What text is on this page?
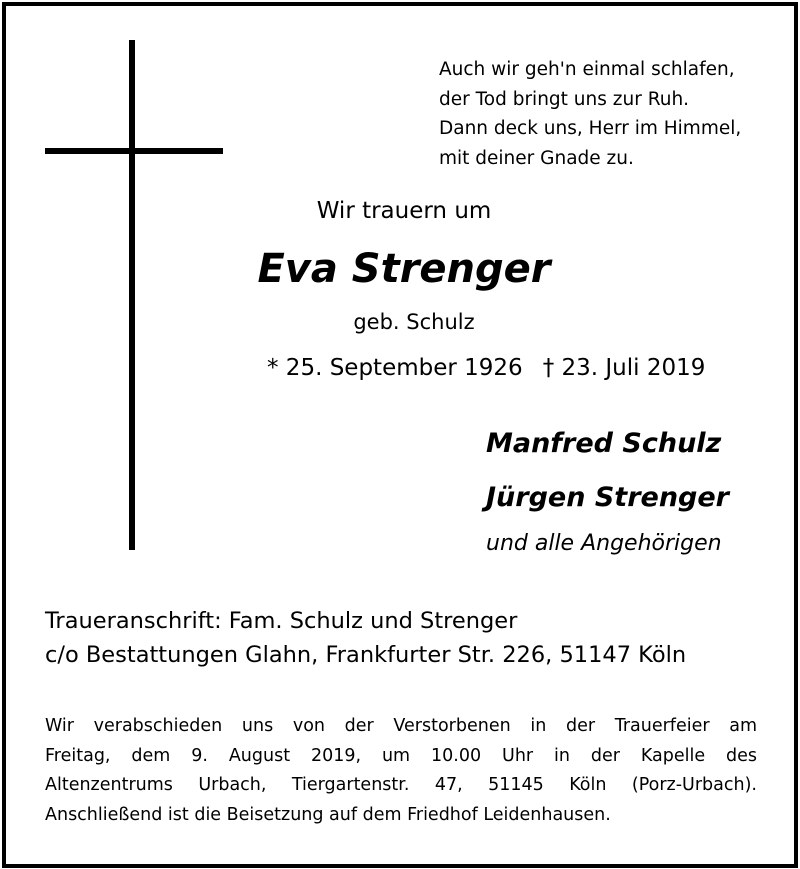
Auch wir geh'n einmal schlafen,
der Tod bringt uns zur Ruh.
Dann deck uns, Herr im Himmel,
mit deiner Gnade zu.
Wir trauern um
Eva Strenger
geb. Schulz
* 25. September 1926 † 23. Juli 2019
Manfred Schulz
Jürgen Strenger
und alle Angehörigen
Traueranschrift: Fam. Schulz und Strenger
c/o Bestattungen Glahn, Frankfurter Str. 226, 51147 Köln
Wir verabschieden uns von der Verstorbenen in der Trauerfeier am
Freitag, dem 9. August 2019, um 10.00 Uhr in der Kapelle des
Altenzentrums Urbach, Tiergartenstr. 47, 51145 Köln (Porz-Urbach).
Anschließend ist die Beisetzung auf dem Friedhof Leidenhausen.
